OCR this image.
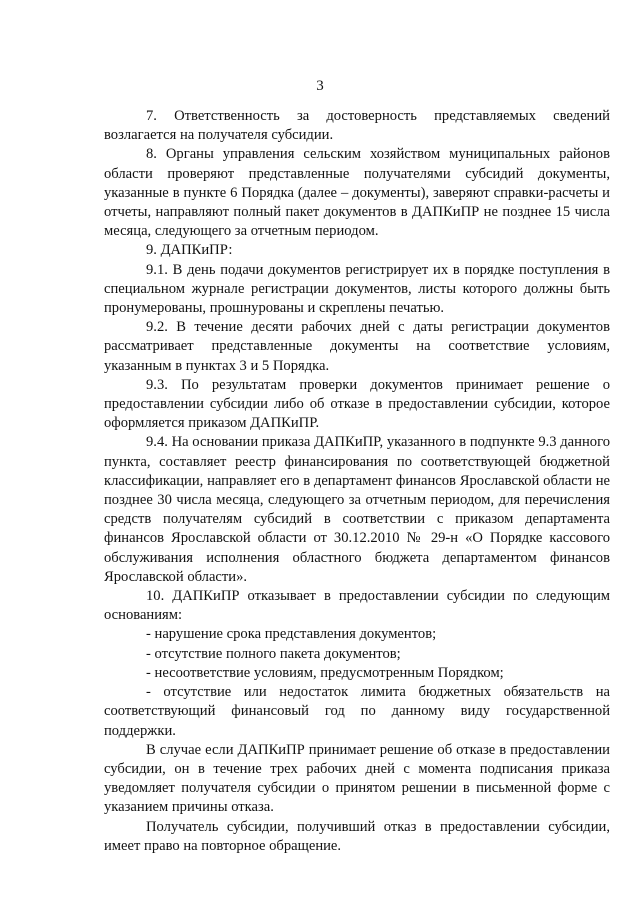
3

7. Ответственность за достоверность представляемых сведений возлагается на получателя субсидии.

8. Органы управления сельским хозяйством муниципальных районов области проверяют представленные получателями субсидий документы, указанные в пункте 6 Порядка (далее – документы), заверяют справки-расчеты и отчеты, направляют полный пакет документов в ДАПКиПР не позднее 15 числа месяца, следующего за отчетным периодом.

9. ДАПКиПР:

9.1. В день подачи документов регистрирует их в порядке поступления в специальном журнале регистрации документов, листы которого должны быть пронумерованы, прошнурованы и скреплены печатью.

9.2. В течение десяти рабочих дней с даты регистрации документов рассматривает представленные документы на соответствие условиям, указанным в пунктах 3 и 5 Порядка.

9.3. По результатам проверки документов принимает решение о предоставлении субсидии либо об отказе в предоставлении субсидии, которое оформляется приказом ДАПКиПР.

9.4. На основании приказа ДАПКиПР, указанного в подпункте 9.3 данного пункта, составляет реестр финансирования по соответствующей бюджетной классификации, направляет его в департамент финансов Ярославской области не позднее 30 числа месяца, следующего за отчетным периодом, для перечисления средств получателям субсидий в соответствии с приказом департамента финансов Ярославской области от 30.12.2010 № 29-н «О Порядке кассового обслуживания исполнения областного бюджета департаментом финансов Ярославской области».

10. ДАПКиПР отказывает в предоставлении субсидии по следующим основаниям:

- нарушение срока представления документов;

- отсутствие полного пакета документов;

- несоответствие условиям, предусмотренным Порядком;

- отсутствие или недостаток лимита бюджетных обязательств на соответствующий финансовый год по данному виду государственной поддержки.

В случае если ДАПКиПР принимает решение об отказе в предоставлении субсидии, он в течение трех рабочих дней с момента подписания приказа уведомляет получателя субсидии о принятом решении в письменной форме с указанием причины отказа.

Получатель субсидии, получивший отказ в предоставлении субсидии, имеет право на повторное обращение.
